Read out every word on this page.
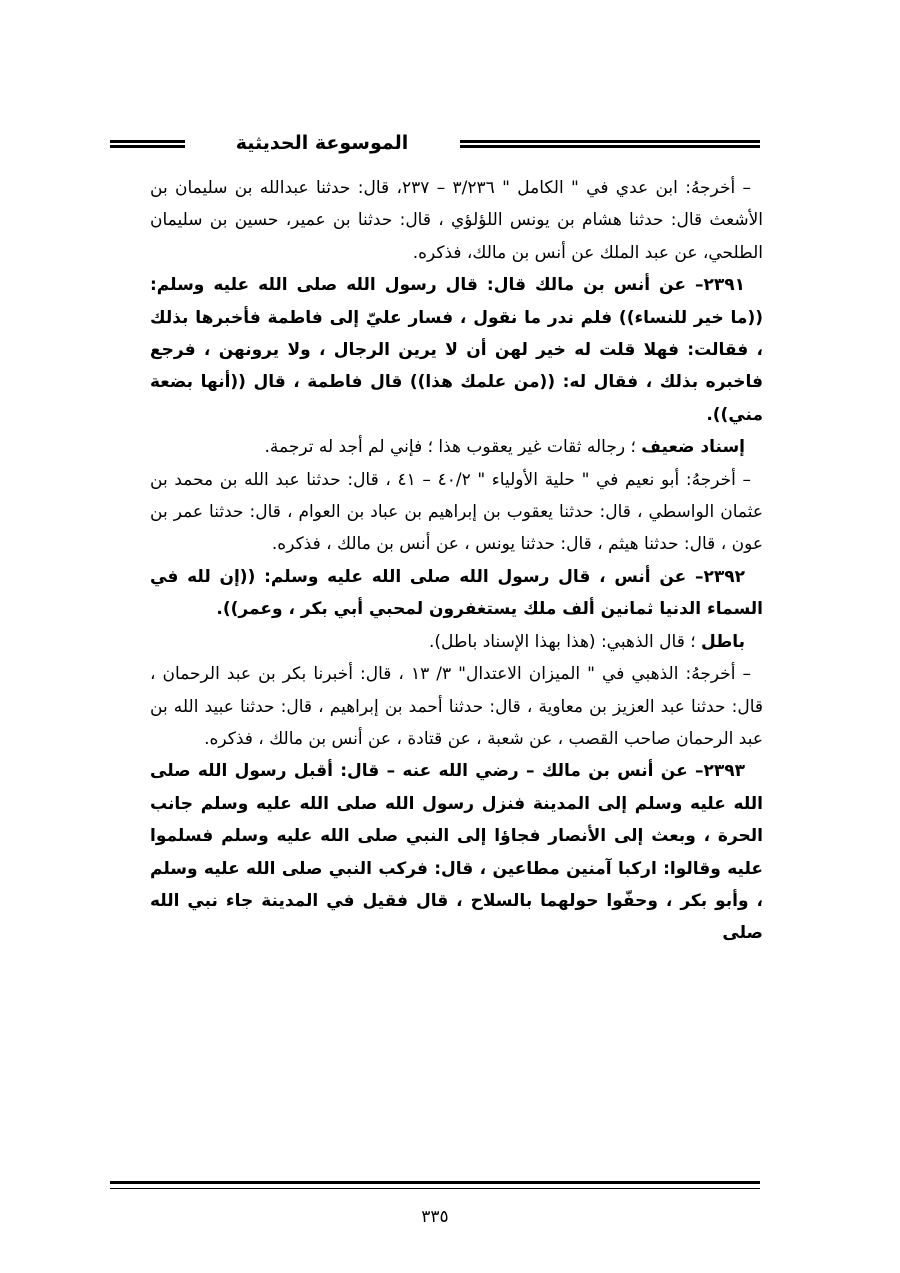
الموسوعة الحديثية

– أخرجهُ: ابن عدي في " الكامل " ٣/٢٣٦ – ٢٣٧، قال: حدثنا عبدالله بن سليمان بن الأشعث قال: حدثنا هشام بن يونس اللؤلؤي ، قال: حدثنا بن عمير، حسين بن سليمان الطلحي، عن عبد الملك عن أنس بن مالك، فذكره.

٢٣٩١– عن أنس بن مالك قال: قال رسول الله صلى الله عليه وسلم: ((ما خير للنساء)) فلم ندر ما نقول ، فسار عليّ إلى فاطمة فأخبرها بذلك ، فقالت: فهلا قلت له خير لهن أن لا يرين الرجال ، ولا يرونهن ، فرجع فاخبره بذلك ، فقال له: ((من علمك هذا)) قال فاطمة ، قال ((أنها بضعة مني)).

إسناد ضعيف ؛ رجاله ثقات غير يعقوب هذا ؛ فإني لم أجد له ترجمة.

– أخرجهُ: أبو نعيم في " حلية الأولياء " ٤٠/٢ – ٤١ ، قال: حدثنا عبد الله بن محمد بن عثمان الواسطي ، قال: حدثنا يعقوب بن إبراهيم بن عباد بن العوام ، قال: حدثنا عمر بن عون ، قال: حدثنا هيثم ، قال: حدثنا يونس ، عن أنس بن مالك ، فذكره.

٢٣٩٢– عن أنس ، قال رسول الله صلى الله عليه وسلم: ((إن لله في السماء الدنيا ثمانين ألف ملك يستغفرون لمحبي أبي بكر ، وعمر)).

باطل ؛ قال الذهبي: (هذا بهذا الإسناد باطل).

– أخرجهُ: الذهبي في " الميزان الاعتدال" ٣/ ١٣ ، قال: أخبرنا بكر بن عبد الرحمان ، قال: حدثنا عبد العزيز بن معاوية ، قال: حدثنا أحمد بن إبراهيم ، قال: حدثنا عبيد الله بن عبد الرحمان صاحب القصب ، عن شعبة ، عن قتادة ، عن أنس بن مالك ، فذكره.

٢٣٩٣– عن أنس بن مالك – رضي الله عنه – قال: أقبل رسول الله صلى الله عليه وسلم إلى المدينة فنزل رسول الله صلى الله عليه وسلم جانب الحرة ، وبعث إلى الأنصار فجاؤا إلى النبي صلى الله عليه وسلم فسلموا عليه وقالوا: اركبا آمنين مطاعين ، قال: فركب النبي صلى الله عليه وسلم ، وأبو بكر ، وحفّوا حولهما بالسلاح ، قال فقيل في المدينة جاء نبي الله صلى

٣٣٥
